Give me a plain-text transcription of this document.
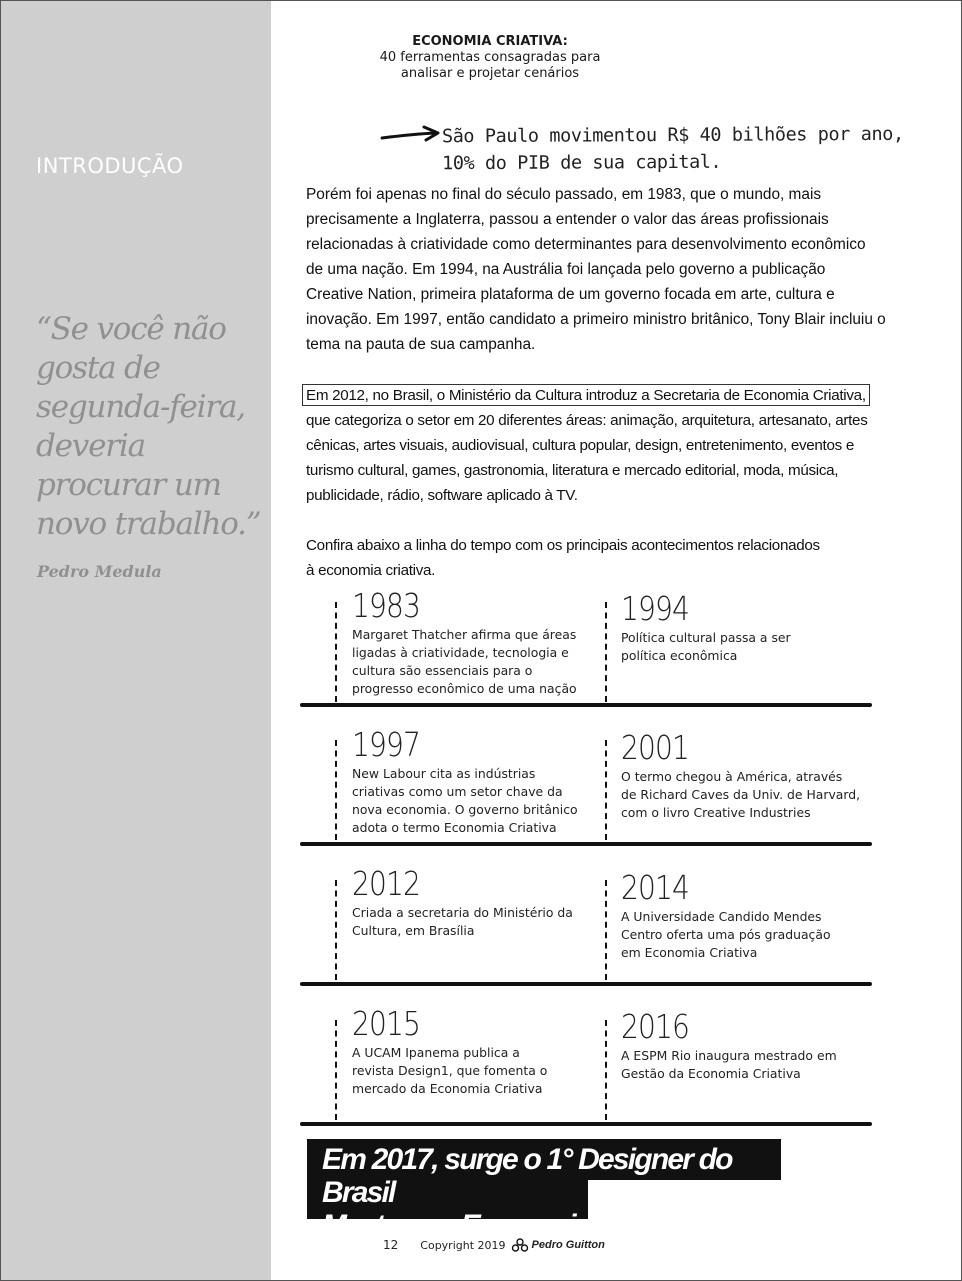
INTRODUÇÃO
“Se você não gosta de segunda-feira, deveria procurar um novo trabalho.”
Pedro Medula
ECONOMIA CRIATIVA:
40 ferramentas consagradas para analisar e projetar cenários
São Paulo movimentou R$ 40 bilhões por ano, 10% do PIB de sua capital.
Porém foi apenas no final do século passado, em 1983, que o mundo, mais precisamente a Inglaterra, passou a entender o valor das áreas profissionais relacionadas à criatividade como determinantes para desenvolvimento econômico de uma nação. Em 1994, na Austrália foi lançada pelo governo a publicação Creative Nation, primeira plataforma de um governo focada em arte, cultura e inovação. Em 1997, então candidato a primeiro ministro britânico, Tony Blair incluiu o tema na pauta de sua campanha.
Em 2012, no Brasil, o Ministério da Cultura introduz a Secretaria de Economia Criativa, que categoriza o setor em 20 diferentes áreas: animação, arquitetura, artesanato, artes cênicas, artes visuais, audiovisual, cultura popular, design, entretenimento, eventos e turismo cultural, games, gastronomia, literatura e mercado editorial, moda, música, publicidade, rádio, software aplicado à TV.
Confira abaixo a linha do tempo com os principais acontecimentos relacionados à economia criativa.
1983
Margaret Thatcher afirma que áreas ligadas à criatividade, tecnologia e cultura são essenciais para o progresso econômico de uma nação
1994
Política cultural passa a ser política econômica
1997
New Labour cita as indústrias criativas como um setor chave da nova economia. O governo britânico adota o termo Economia Criativa
2001
O termo chegou à América, através de Richard Caves da Univ. de Harvard, com o livro Creative Industries
2012
Criada a secretaria do Ministério da Cultura, em Brasília
2014
A Universidade Candido Mendes Centro oferta uma pós graduação em Economia Criativa
2015
A UCAM Ipanema publica a revista Design1, que fomenta o mercado da Economia Criativa
2016
A ESPM Rio inaugura mestrado em Gestão da Economia Criativa
Em 2017, surge o 1° Designer do Brasil
Mestre em Economia.
12 Copyright 2019 Pedro Guitton
